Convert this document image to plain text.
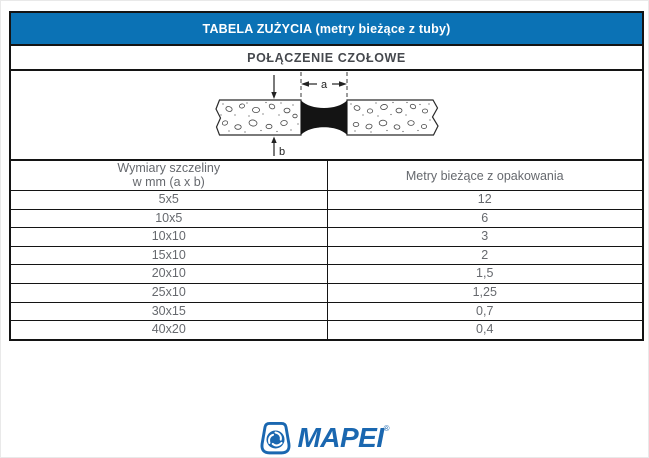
TABELA ZUŻYCIA (metry bieżące z tuby)
POŁĄCZENIE CZOŁOWE
a
b
Wymiary szczeliny
w mm (a x b)	Metry bieżące z opakowania
5x5	12
10x5	6
10x10	3
15x10	2
20x10	1,5
25x10	1,25
30x15	0,7
40x20	0,4
MAPEI ®
